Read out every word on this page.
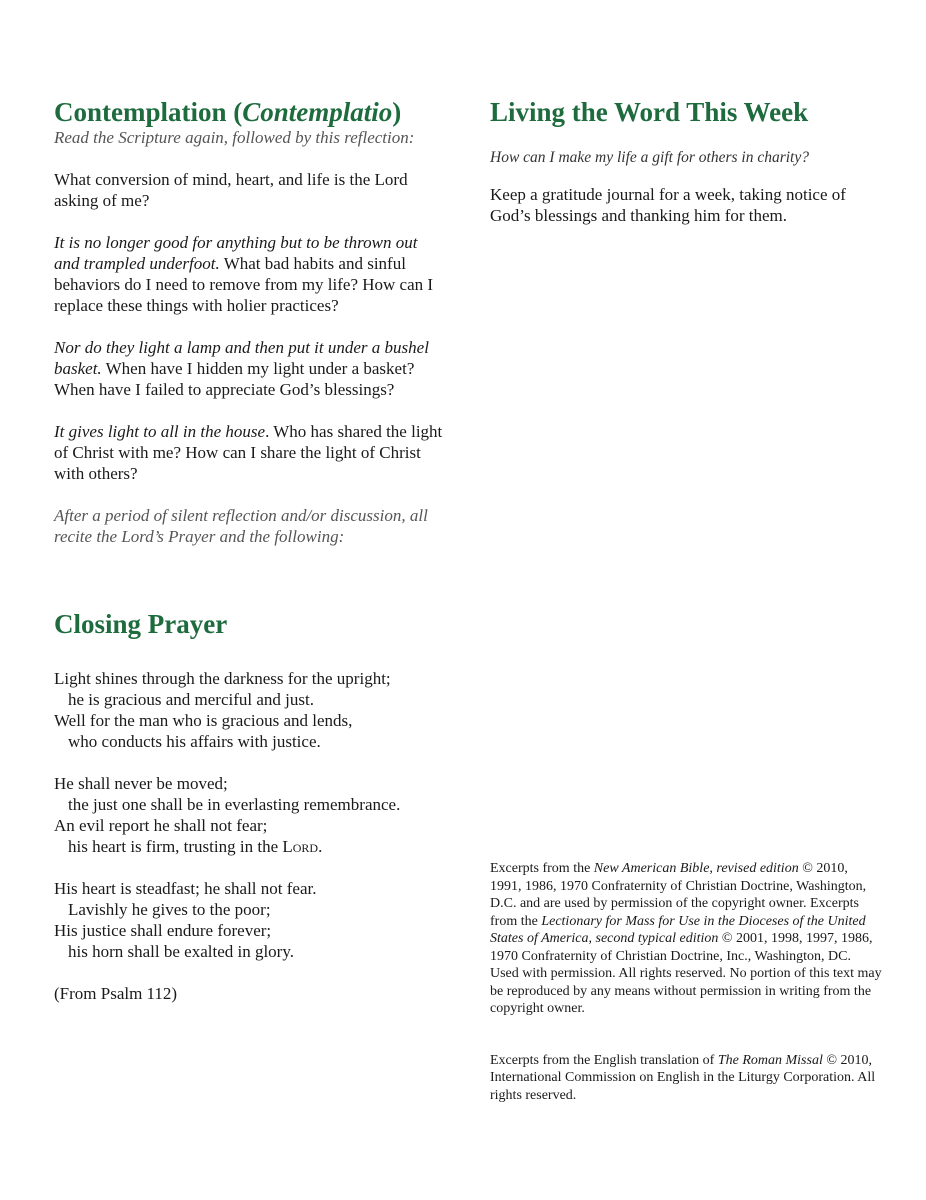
Contemplation (Contemplatio)

Read the Scripture again, followed by this reflection:

What conversion of mind, heart, and life is the Lord asking of me?

It is no longer good for anything but to be thrown out and trampled underfoot. What bad habits and sinful behaviors do I need to remove from my life? How can I replace these things with holier practices?

Nor do they light a lamp and then put it under a bushel basket. When have I hidden my light under a basket? When have I failed to appreciate God’s blessings?

It gives light to all in the house. Who has shared the light of Christ with me? How can I share the light of Christ with others?

After a period of silent reflection and/or discussion, all recite the Lord’s Prayer and the following:

Closing Prayer

Light shines through the darkness for the upright;

he is gracious and merciful and just.

Well for the man who is gracious and lends,

who conducts his affairs with justice.

He shall never be moved;

the just one shall be in everlasting remembrance.

An evil report he shall not fear;

his heart is firm, trusting in the Lord.

His heart is steadfast; he shall not fear.

Lavishly he gives to the poor;

His justice shall endure forever;

his horn shall be exalted in glory.

(From Psalm 112)

Living the Word This Week

How can I make my life a gift for others in charity?

Keep a gratitude journal for a week, taking notice of God’s blessings and thanking him for them.

Excerpts from the New American Bible, revised edition © 2010, 1991, 1986, 1970 Confraternity of Christian Doctrine, Washington, D.C. and are used by permission of the copyright owner. Excerpts from the Lectionary for Mass for Use in the Dioceses of the United States of America, second typical edition © 2001, 1998, 1997, 1986, 1970 Confraternity of Christian Doctrine, Inc., Washington, DC. Used with permission. All rights reserved. No portion of this text may be reproduced by any means without permission in writing from the copyright owner.

Excerpts from the English translation of The Roman Missal © 2010, International Commission on English in the Liturgy Corporation. All rights reserved.
